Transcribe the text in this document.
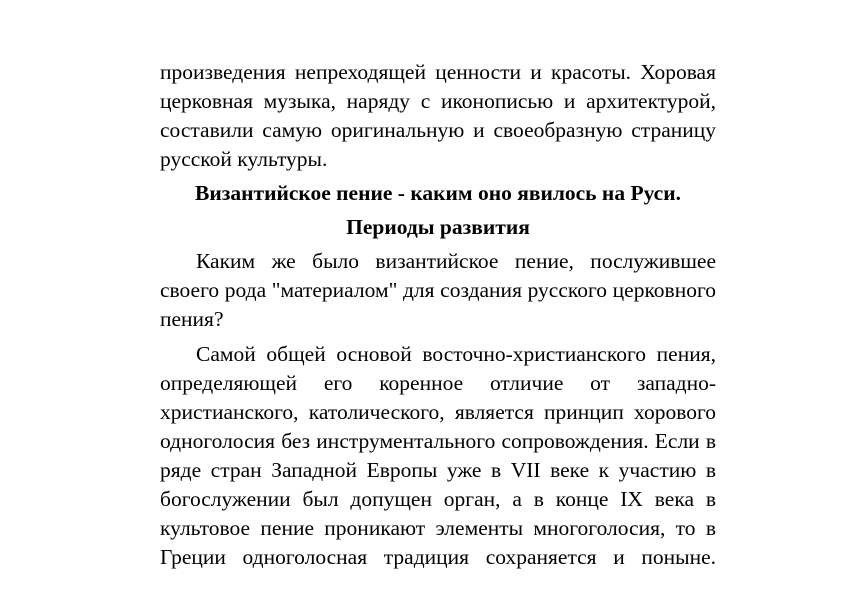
произведения непреходящей ценности и красоты. Хоровая церковная музыка, наряду с иконописью и архитектурой, составили самую оригинальную и своеобразную страницу русской культуры.

Византийское пение - каким оно явилось на Руси.

Периоды развития

Каким же было византийское пение, послужившее своего рода "материалом" для создания русского церковного пения?

Самой общей основой восточно-христианского пения, определяющей его коренное отличие от западно-христианского, католического, является принцип хорового одноголосия без инструментального сопровождения. Если в ряде стран Западной Европы уже в VII веке к участию в богослужении был допущен орган, а в конце IX века в культовое пение проникают элементы многоголосия, то в Греции одноголосная традиция сохраняется и поныне.
